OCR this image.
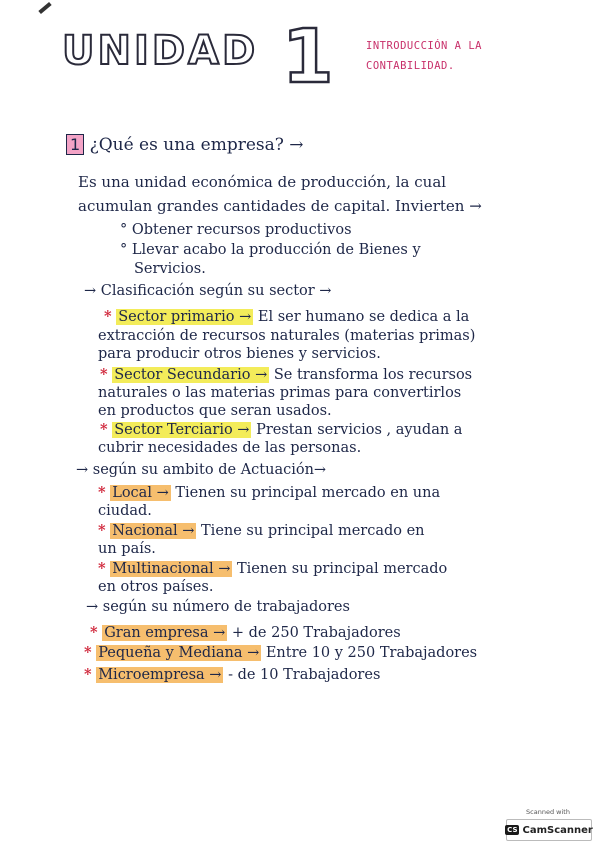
UNIDAD 1	INTRODUCCIÓN A LA
CONTABILIDAD.
1 ¿Qué es una empresa? →
Es una unidad económica de producción, la cual
acumulan grandes cantidades de capital. Invierten →
° Obtener recursos productivos
° Llevar acabo la producción de Bienes y
Servicios.
→ Clasificación según su sector →
* Sector primario → El ser humano se dedica a la
extracción de recursos naturales (materias primas)
para producir otros bienes y servicios.
* Sector Secundario → Se transforma los recursos
naturales o las materias primas para convertirlos
en productos que seran usados.
* Sector Terciario → Prestan servicios , ayudan a
cubrir necesidades de las personas.
→ según su ambito de Actuación→
* Local → Tienen su principal mercado en una
ciudad.
* Nacional → Tiene su principal mercado en
un país.
* Multinacional → Tienen su principal mercado
en otros países.
→ según su número de trabajadores
* Gran empresa → + de 250 Trabajadores
* Pequeña y Mediana → Entre 10 y 250 Trabajadores
* Microempresa → - de 10 Trabajadores
Scanned with
CS CamScanner
